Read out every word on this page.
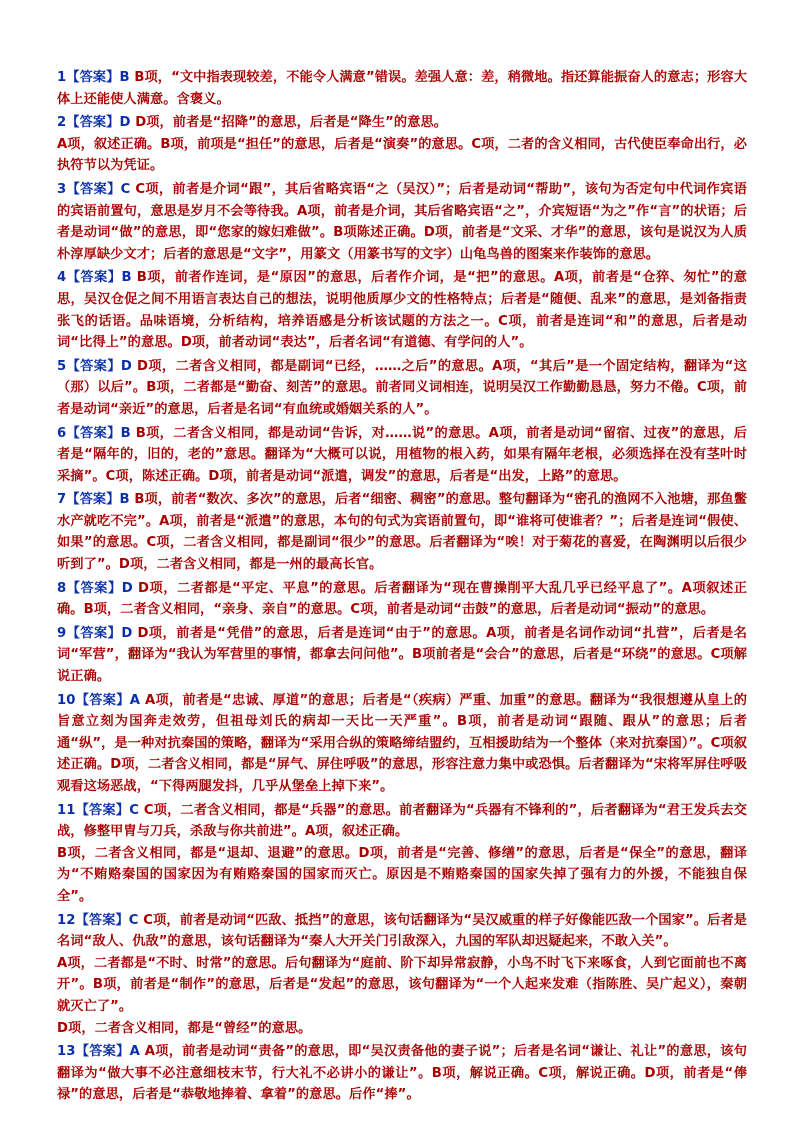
1【答案】B B项，“文中指表现较差，不能令人满意”错误。差强人意：差，稍微地。指还算能振奋人的意志；形容大体上还能使人满意。含褒义。
2【答案】D D项，前者是“招降”的意思，后者是“降生”的意思。
A项，叙述正确。B项，前项是“担任”的意思，后者是“演奏”的意思。C项，二者的含义相同，古代使臣奉命出行，必执符节以为凭证。
3【答案】C C项，前者是介词“跟”，其后省略宾语“之（吴汉）”；后者是动词“帮助”，该句为否定句中代词作宾语的宾语前置句，意思是岁月不会等待我。A项，前者是介词，其后省略宾语“之”，介宾短语“为之”作“言”的状语；后者是动词“做”的意思，即“您家的嫁妇难做”。B项陈述正确。D项，前者是“文采、才华”的意思，该句是说汉为人质朴淳厚缺少文才；后者的意思是“文字”，用篆文（用篆书写的文字）山龟鸟兽的图案来作装饰的意思。
4【答案】B B项，前者作连词，是“原因”的意思，后者作介词，是“把”的意思。A项，前者是“仓猝、匆忙”的意思，吴汉仓促之间不用语言表达自己的想法，说明他质厚少文的性格特点；后者是“随便、乱来”的意思，是刘备指责张飞的话语。品味语境，分析结构，培养语感是分析该试题的方法之一。C项，前者是连词“和”的意思，后者是动词“比得上”的意思。D项，前者动词“表达”，后者名词“有道德、有学问的人”。
5【答案】D D项，二者含义相同，都是副词“已经，……之后”的意思。A项，“其后”是一个固定结构，翻译为“这（那）以后”。B项，二者都是“勤奋、刻苦”的意思。前者同义词相连，说明吴汉工作勤勤恳恳，努力不倦。C项，前者是动词“亲近”的意思，后者是名词“有血统或婚姻关系的人”。
6【答案】B B项，二者含义相同，都是动词“告诉，对……说”的意思。A项，前者是动词“留宿、过夜”的意思，后者是“隔年的，旧的，老的”意思。翻译为“大概可以说，用植物的根入药，如果有隔年老根，必须选择在没有茎叶时采摘”。C项，陈述正确。D项，前者是动词“派遣，调发”的意思，后者是“出发，上路”的意思。
7【答案】B B项，前者“数次、多次”的意思，后者“细密、稠密”的意思。整句翻译为“密孔的渔网不入池塘，那鱼鳖水产就吃不完”。A项，前者是“派遣”的意思，本句的句式为宾语前置句，即“谁将可使谁者？”；后者是连词“假使、如果”的意思。C项，二者含义相同，都是副词“很少”的意思。后者翻译为“唉！对于菊花的喜爱，在陶渊明以后很少听到了”。D项，二者含义相同，都是一州的最高长官。
8【答案】D D项，二者都是“平定、平息”的意思。后者翻译为“现在曹操削平大乱几乎已经平息了”。A项叙述正确。B项，二者含义相同，“亲身、亲自”的意思。C项，前者是动词“击鼓”的意思，后者是动词“振动”的意思。
9【答案】D D项，前者是“凭借”的意思，后者是连词“由于”的意思。A项，前者是名词作动词“扎营”，后者是名词“军营”，翻译为“我认为军营里的事情，都拿去问问他”。B项前者是“会合”的意思，后者是“环绕”的意思。C项解说正确。
10【答案】A A项，前者是“忠诚、厚道”的意思；后者是“（疾病）严重、加重”的意思。翻译为“我很想遵从皇上的旨意立刻为国奔走效劳，但祖母刘氏的病却一天比一天严重”。B项，前者是动词“跟随、跟从”的意思；后者通“纵”，是一种对抗秦国的策略，翻译为“采用合纵的策略缔结盟约，互相援助结为一个整体（来对抗秦国）”。C项叙述正确。D项，二者含义相同，都是“屏气、屏住呼吸”的意思，形容注意力集中或恐惧。后者翻译为“宋将军屏住呼吸观看这场恶战，“下得两腿发抖，几乎从堡垒上掉下来”。
11【答案】C C项，二者含义相同，都是“兵器”的意思。前者翻译为“兵器有不锋利的”，后者翻译为“君王发兵去交战，修整甲胄与刀兵，杀敌与你共前进”。A项，叙述正确。
B项，二者含义相同，都是“退却、退避”的意思。D项，前者是“完善、修缮”的意思，后者是“保全”的意思，翻译为“不贿赂秦国的国家因为有贿赂秦国的国家而灭亡。原因是不贿赂秦国的国家失掉了强有力的外援，不能独自保全”。
12【答案】C C项，前者是动词“匹敌、抵挡”的意思，该句话翻译为“吴汉威重的样子好像能匹敌一个国家”。后者是名词“敌人、仇敌”的意思，该句话翻译为“秦人大开关门引敌深入，九国的军队却迟疑起来，不敢入关”。
A项，二者都是“不时、时常”的意思。后句翻译为“庭前、阶下却异常寂静，小鸟不时飞下来啄食，人到它面前也不离开”。B项，前者是“制作”的意思，后者是“发起”的意思，该句翻译为“一个人起来发难（指陈胜、吴广起义），秦朝就灭亡了”。
D项，二者含义相同，都是“曾经”的意思。
13【答案】A A项，前者是动词“责备”的意思，即“吴汉责备他的妻子说”；后者是名词“谦让、礼让”的意思，该句翻译为“做大事不必注意细枝末节，行大礼不必讲小的谦让”。B项，解说正确。C项，解说正确。D项，前者是“俸禄”的意思，后者是“恭敬地捧着、拿着”的意思。后作“捧”。
